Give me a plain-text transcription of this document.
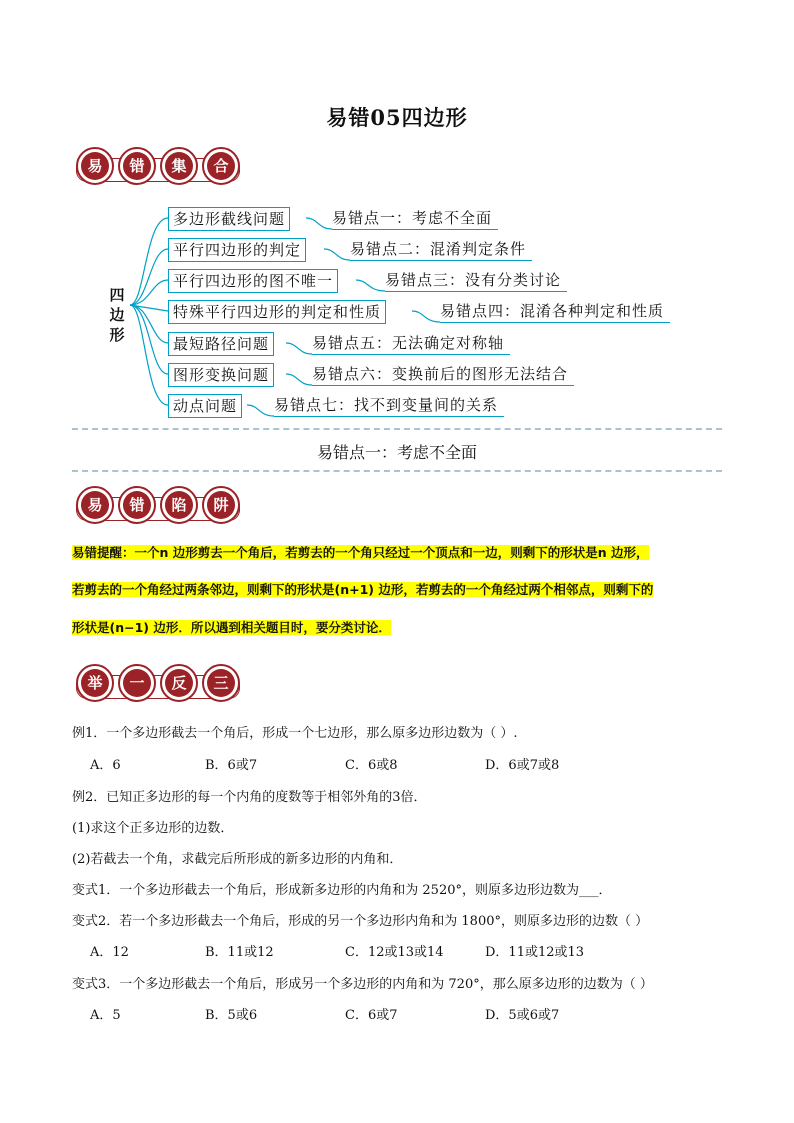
易错05四边形
易	错	集	合
四边形
多边形截线问题	易错点一：考虑不全面
平行四边形的判定	易错点二：混淆判定条件
平行四边形的图不唯一	易错点三：没有分类讨论
特殊平行四边形的判定和性质	易错点四：混淆各种判定和性质
最短路径问题	易错点五：无法确定对称轴
图形变换问题	易错点六：变换前后的图形无法结合
动点问题	易错点七：找不到变量间的关系
易错点一：考虑不全面
易	错	陷	阱
易错提醒：一个n 边形剪去一个角后，若剪去的一个角只经过一个顶点和一边，则剩下的形状是n 边形，
若剪去的一个角经过两条邻边，则剩下的形状是(n+1) 边形，若剪去的一个角经过两个相邻点，则剩下的
形状是(n−1) 边形．所以遇到相关题目时，要分类讨论．
举	一	反	三
例1．一个多边形截去一个角后，形成一个七边形，那么原多边形边数为（ ）.
A．6	B．6或7	C．6或8	D．6或7或8
例2．已知正多边形的每一个内角的度数等于相邻外角的3倍．
(1)求这个正多边形的边数．
(2)若截去一个角，求截完后所形成的新多边形的内角和．
变式1．一个多边形截去一个角后，形成新多边形的内角和为 2520°，则原多边形边数为___．
变式2．若一个多边形截去一个角后，形成的另一个多边形内角和为 1800°，则原多边形的边数（ ）
A．12	B．11或12	C．12或13或14	D．11或12或13
变式3．一个多边形截去一个角后，形成另一个多边形的内角和为 720°，那么原多边形的边数为（ ）
A．5	B．5或6	C．6或7	D．5或6或7
